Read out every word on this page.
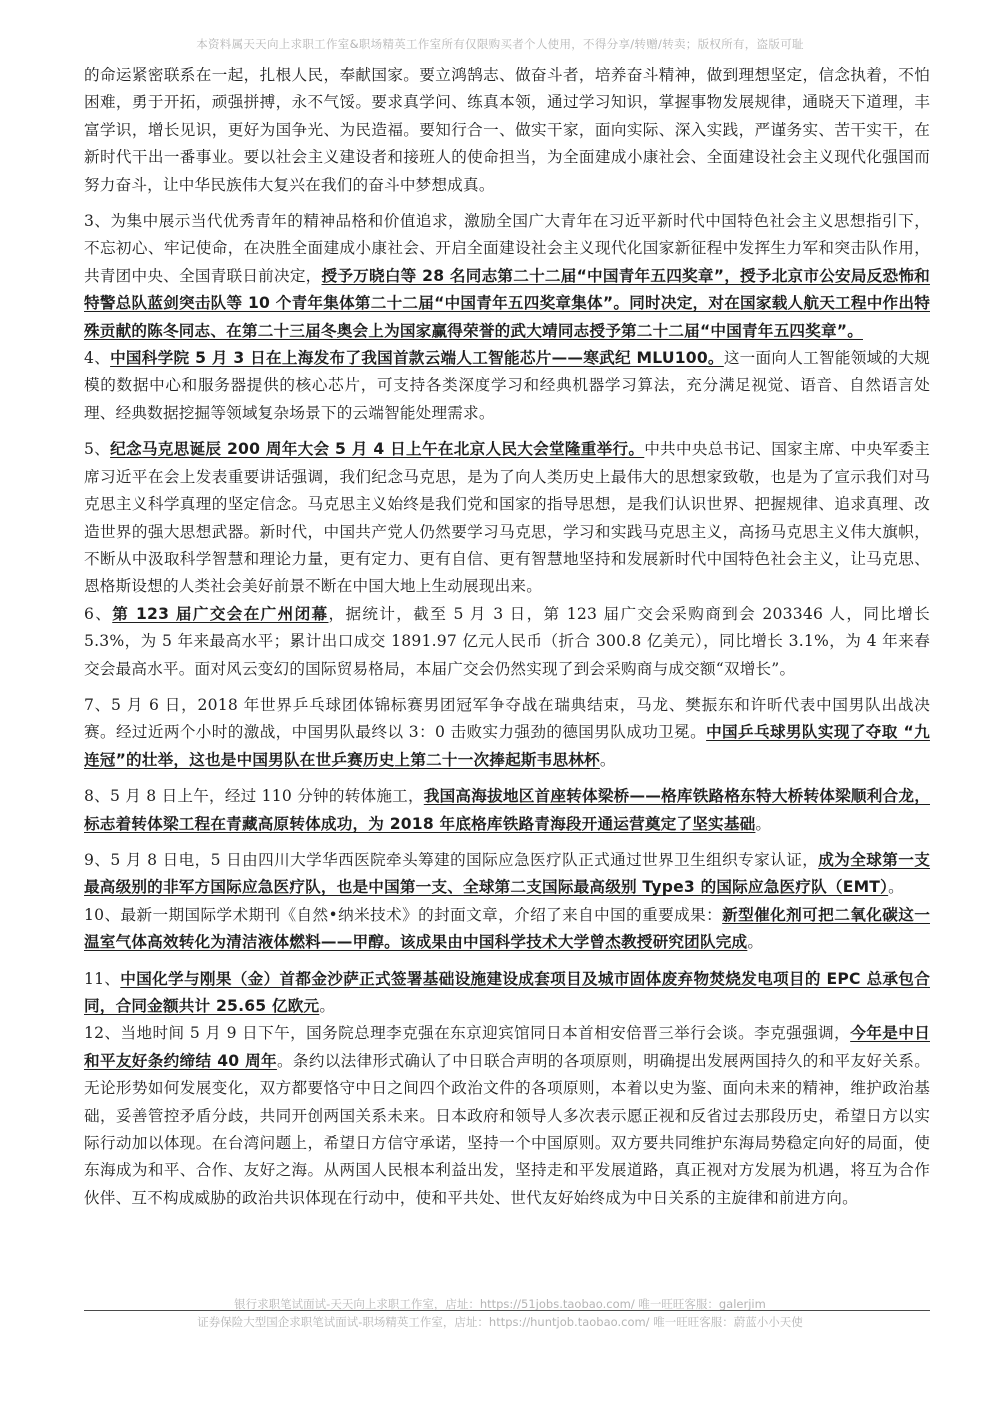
本资料属天天向上求职工作室&职场精英工作室所有仅限购买者个人使用，不得分享/转赠/转卖；版权所有，盗版可耻

的命运紧密联系在一起，扎根人民，奉献国家。要立鸿鹄志、做奋斗者，培养奋斗精神，做到理想坚定，信念执着，不怕困难，勇于开拓，顽强拼搏，永不气馁。要求真学问、练真本领，通过学习知识，掌握事物发展规律，通晓天下道理，丰富学识，增长见识，更好为国争光、为民造福。要知行合一、做实干家，面向实际、深入实践，严谨务实、苦干实干，在新时代干出一番事业。要以社会主义建设者和接班人的使命担当，为全面建成小康社会、全面建设社会主义现代化强国而努力奋斗，让中华民族伟大复兴在我们的奋斗中梦想成真。

3、为集中展示当代优秀青年的精神品格和价值追求，激励全国广大青年在习近平新时代中国特色社会主义思想指引下，不忘初心、牢记使命，在决胜全面建成小康社会、开启全面建设社会主义现代化国家新征程中发挥生力军和突击队作用，共青团中央、全国青联日前决定，授予万晓白等 28 名同志第二十二届“中国青年五四奖章”，授予北京市公安局反恐怖和特警总队蓝剑突击队等 10 个青年集体第二十二届“中国青年五四奖章集体”。同时决定，对在国家载人航天工程中作出特殊贡献的陈冬同志、在第二十三届冬奥会上为国家赢得荣誉的武大靖同志授予第二十二届“中国青年五四奖章”。

4、中国科学院 5 月 3 日在上海发布了我国首款云端人工智能芯片——寒武纪 MLU100。这一面向人工智能领域的大规模的数据中心和服务器提供的核心芯片，可支持各类深度学习和经典机器学习算法，充分满足视觉、语音、自然语言处理、经典数据挖掘等领域复杂场景下的云端智能处理需求。

5、纪念马克思诞辰 200 周年大会 5 月 4 日上午在北京人民大会堂隆重举行。中共中央总书记、国家主席、中央军委主席习近平在会上发表重要讲话强调，我们纪念马克思，是为了向人类历史上最伟大的思想家致敬，也是为了宣示我们对马克思主义科学真理的坚定信念。马克思主义始终是我们党和国家的指导思想，是我们认识世界、把握规律、追求真理、改造世界的强大思想武器。新时代，中国共产党人仍然要学习马克思，学习和实践马克思主义，高扬马克思主义伟大旗帜，不断从中汲取科学智慧和理论力量，更有定力、更有自信、更有智慧地坚持和发展新时代中国特色社会主义，让马克思、恩格斯设想的人类社会美好前景不断在中国大地上生动展现出来。

6、第 123 届广交会在广州闭幕，据统计，截至 5 月 3 日，第 123 届广交会采购商到会 203346 人，同比增长 5.3%，为 5 年来最高水平；累计出口成交 1891.97 亿元人民币（折合 300.8 亿美元），同比增长 3.1%，为 4 年来春交会最高水平。面对风云变幻的国际贸易格局，本届广交会仍然实现了到会采购商与成交额“双增长”。

7、5 月 6 日，2018 年世界乒乓球团体锦标赛男团冠军争夺战在瑞典结束，马龙、樊振东和许昕代表中国男队出战决赛。经过近两个小时的激战，中国男队最终以 3：0 击败实力强劲的德国男队成功卫冕。中国乒乓球男队实现了夺取 “九连冠”的壮举，这也是中国男队在世乒赛历史上第二十一次捧起斯韦思林杯。

8、5 月 8 日上午，经过 110 分钟的转体施工，我国高海拔地区首座转体梁桥——格库铁路格东特大桥转体梁顺利合龙，标志着转体梁工程在青藏高原转体成功，为 2018 年底格库铁路青海段开通运营奠定了坚实基础。

9、5 月 8 日电，5 日由四川大学华西医院牵头筹建的国际应急医疗队正式通过世界卫生组织专家认证，成为全球第一支最高级别的非军方国际应急医疗队，也是中国第一支、全球第二支国际最高级别 Type3 的国际应急医疗队（EMT）。

10、最新一期国际学术期刊《自然•纳米技术》的封面文章，介绍了来自中国的重要成果：新型催化剂可把二氧化碳这一温室气体高效转化为清洁液体燃料——甲醇。该成果由中国科学技术大学曾杰教授研究团队完成。

11、中国化学与刚果（金）首都金沙萨正式签署基础设施建设成套项目及城市固体废弃物焚烧发电项目的 EPC 总承包合同，合同金额共计 25.65 亿欧元。

12、当地时间 5 月 9 日下午，国务院总理李克强在东京迎宾馆同日本首相安倍晋三举行会谈。李克强强调，今年是中日和平友好条约缔结 40 周年。条约以法律形式确认了中日联合声明的各项原则，明确提出发展两国持久的和平友好关系。无论形势如何发展变化，双方都要恪守中日之间四个政治文件的各项原则，本着以史为鉴、面向未来的精神，维护政治基础，妥善管控矛盾分歧，共同开创两国关系未来。日本政府和领导人多次表示愿正视和反省过去那段历史，希望日方以实际行动加以体现。在台湾问题上，希望日方信守承诺，坚持一个中国原则。双方要共同维护东海局势稳定向好的局面，使东海成为和平、合作、友好之海。从两国人民根本利益出发，坚持走和平发展道路，真正视对方发展为机遇，将互为合作伙伴、互不构成威胁的政治共识体现在行动中，使和平共处、世代友好始终成为中日关系的主旋律和前进方向。

银行求职笔试面试-天天向上求职工作室，店址：https://51jobs.taobao.com/ 唯一旺旺客服：galerjim
证券保险大型国企求职笔试面试-职场精英工作室，店址：https://huntjob.taobao.com/ 唯一旺旺客服：蔚蓝小小天使
